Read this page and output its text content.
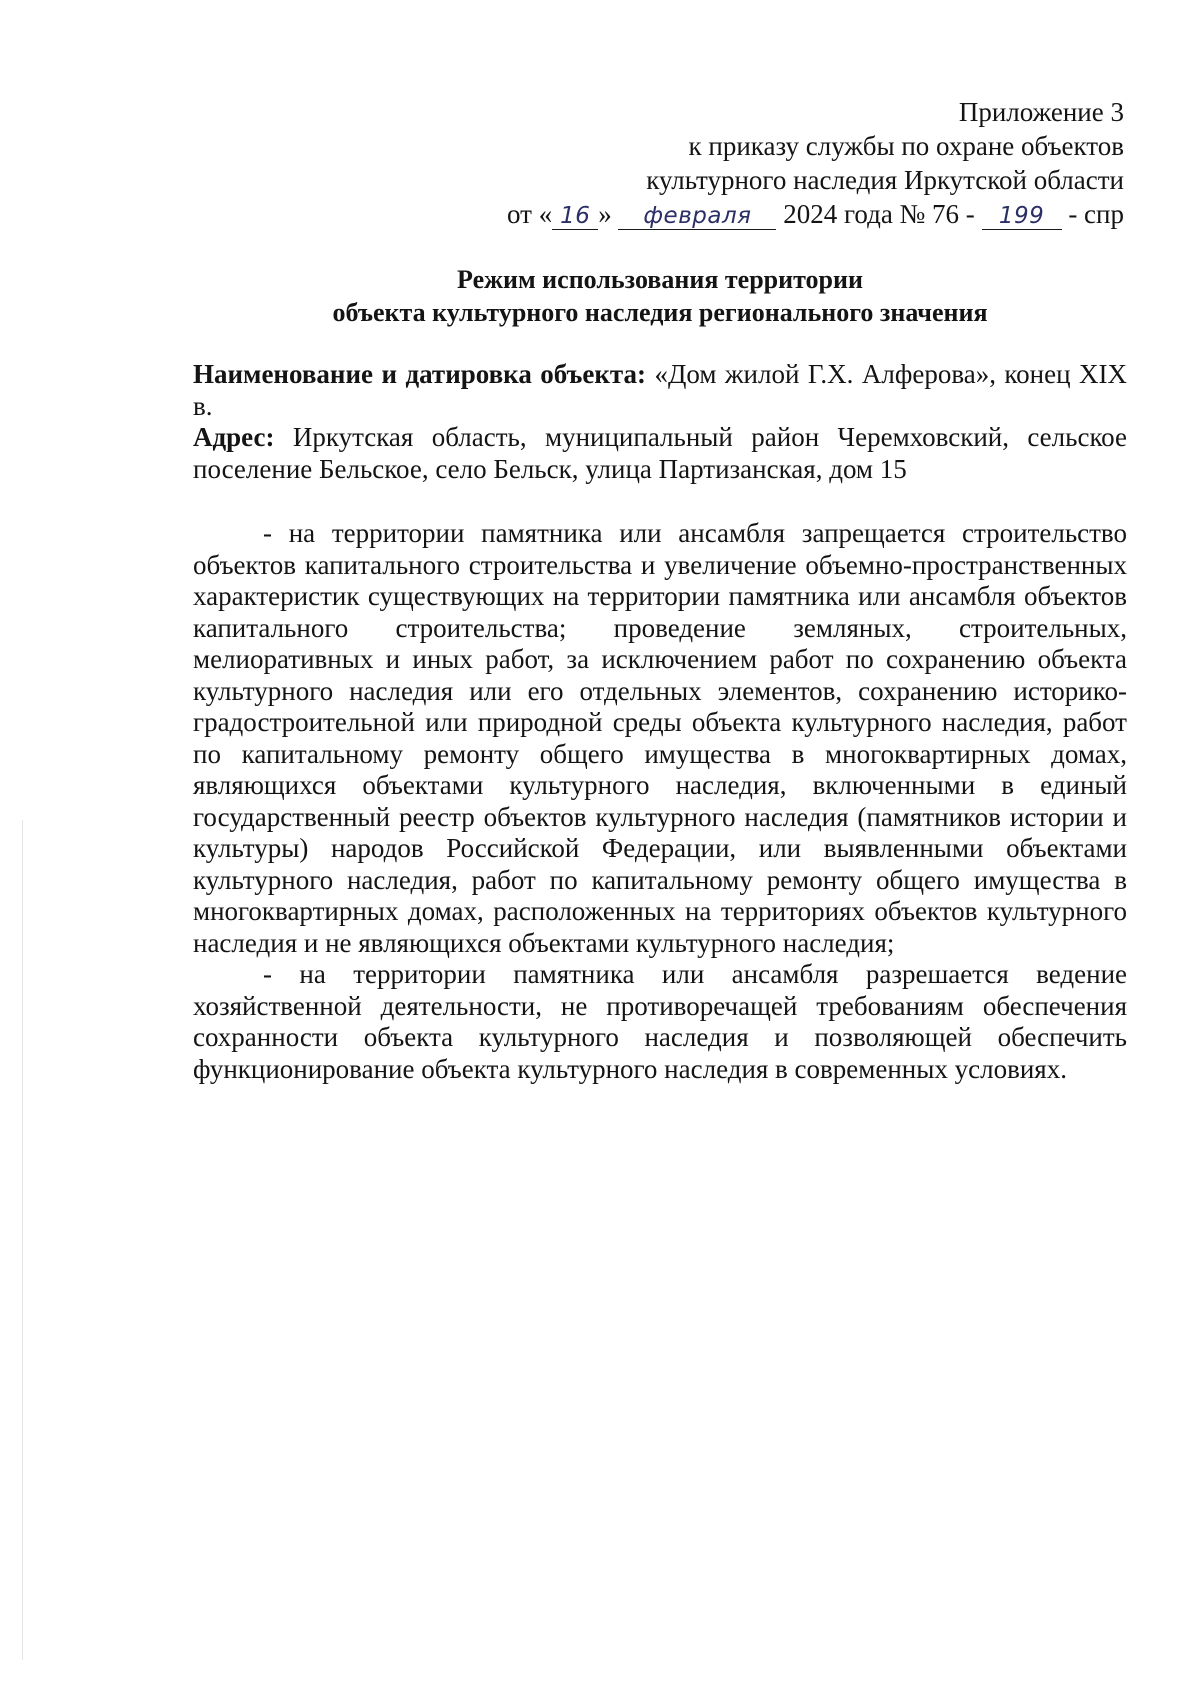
Приложение 3
к приказу службы по охране объектов
культурного наследия Иркутской области
от « 16 » февраля 2024 года № 76 - 199 - спр
Режим использования территории
объекта культурного наследия регионального значения

Наименование и датировка объекта: «Дом жилой Г.Х. Алферова», конец XIX в.

Адрес: Иркутская область, муниципальный район Черемховский, сельское поселение Бельское, село Бельск, улица Партизанская, дом 15

- на территории памятника или ансамбля запрещается строительство объектов капитального строительства и увеличение объемно-пространственных характеристик существующих на территории памятника или ансамбля объектов капитального строительства; проведение земляных, строительных, мелиоративных и иных работ, за исключением работ по сохранению объекта культурного наследия или его отдельных элементов, сохранению историко-градостроительной или природной среды объекта культурного наследия, работ по капитальному ремонту общего имущества в многоквартирных домах, являющихся объектами культурного наследия, включенными в единый государственный реестр объектов культурного наследия (памятников истории и культуры) народов Российской Федерации, или выявленными объектами культурного наследия, работ по капитальному ремонту общего имущества в многоквартирных домах, расположенных на территориях объектов культурного наследия и не являющихся объектами культурного наследия;

- на территории памятника или ансамбля разрешается ведение хозяйственной деятельности, не противоречащей требованиям обеспечения сохранности объекта культурного наследия и позволяющей обеспечить функционирование объекта культурного наследия в современных условиях.
